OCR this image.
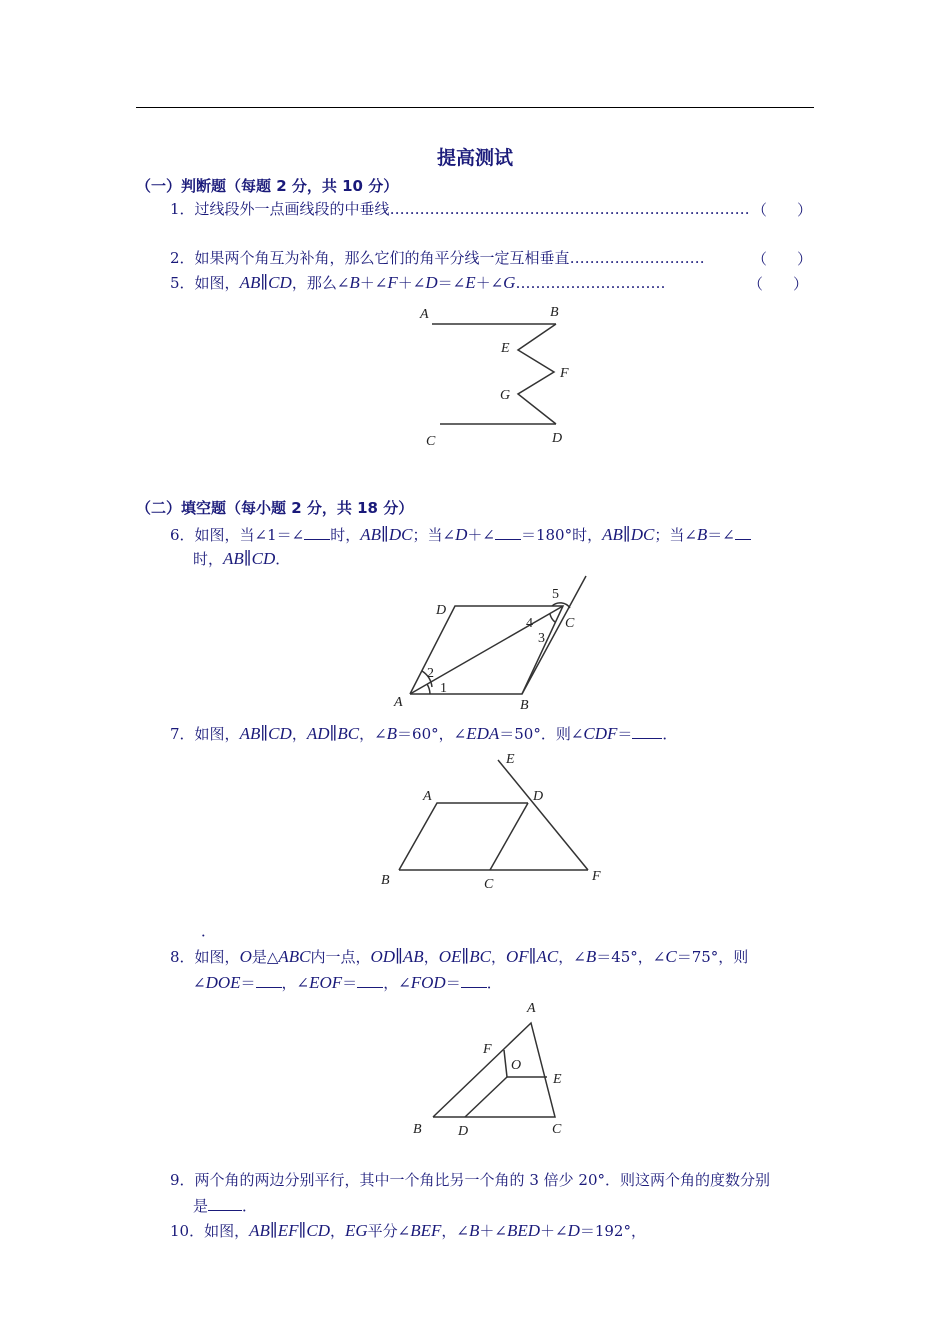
提高测试
（一）判断题（每题 2 分，共 10 分）
1．过线段外一点画线段的中垂线……………………………………………………………… （　　）
2．如果两个角互为补角，那么它们的角平分线一定互相垂直………………………	（　　）
5．如图，AB∥CD，那么∠B＋∠F＋∠D＝∠E＋∠G…………………………	（　　）
A	B
E
F
G
C	D
（二）填空题（每小题 2 分，共 18 分）
6．如图，当∠1＝∠ 时，AB∥DC；当∠D＋∠ ＝180°时，AB∥DC；当∠B＝∠
时，AB∥CD．
D
C
A	B
1
2
3
4
5
7．如图，AB∥CD，AD∥BC，∠B＝60°，∠EDA＝50°．则∠CDF＝ ．
E
A	D
B	C
F
．
8．如图，O是△ABC内一点，OD∥AB，OE∥BC，OF∥AC，∠B＝45°，∠C＝75°，则
∠DOE＝ ，∠EOF＝ ，∠FOD＝ ．
A
F
O
E
B	D	C
9．两个角的两边分别平行，其中一个角比另一个角的 3 倍少 20°．则这两个角的度数分别
是 ．
10．如图，AB∥EF∥CD，EG平分∠BEF，∠B＋∠BED＋∠D＝192°，
